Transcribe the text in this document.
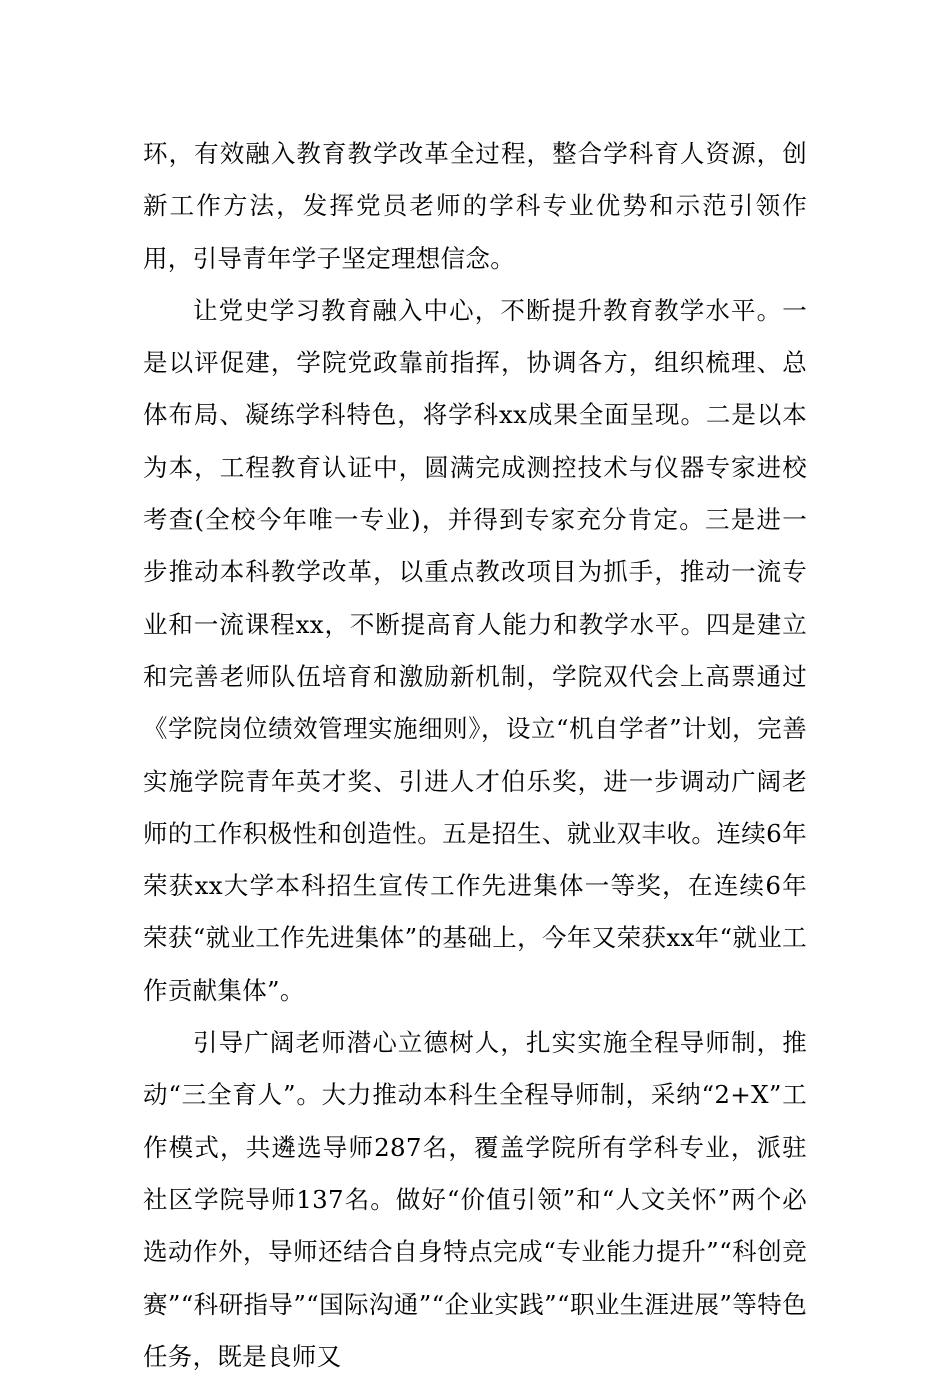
环，有效融入教育教学改革全过程，整合学科育人资源，创新工作方法，发挥党员老师的学科专业优势和示范引领作用，引导青年学子坚定理想信念。

让党史学习教育融入中心，不断提升教育教学水平。一是以评促建，学院党政靠前指挥，协调各方，组织梳理、总体布局、凝练学科特色，将学科xx成果全面呈现。二是以本为本，工程教育认证中，圆满完成测控技术与仪器专家进校考查(全校今年唯一专业)，并得到专家充分肯定。三是进一步推动本科教学改革，以重点教改项目为抓手，推动一流专业和一流课程xx，不断提高育人能力和教学水平。四是建立和完善老师队伍培育和激励新机制，学院双代会上高票通过《学院岗位绩效管理实施细则》，设立“机自学者”计划，完善实施学院青年英才奖、引进人才伯乐奖，进一步调动广阔老师的工作积极性和创造性。五是招生、就业双丰收。连续6年荣获xx大学本科招生宣传工作先进集体一等奖，在连续6年荣获“就业工作先进集体”的基础上，今年又荣获xx年“就业工作贡献集体”。

引导广阔老师潜心立德树人，扎实实施全程导师制，推动“三全育人”。大力推动本科生全程导师制，采纳“2+X”工作模式，共遴选导师287名，覆盖学院所有学科专业，派驻社区学院导师137名。做好“价值引领”和“人文关怀”两个必选动作外，导师还结合自身特点完成“专业能力提升”“科创竞赛”“科研指导”“国际沟通”“企业实践”“职业生涯进展”等特色任务，既是良师又
